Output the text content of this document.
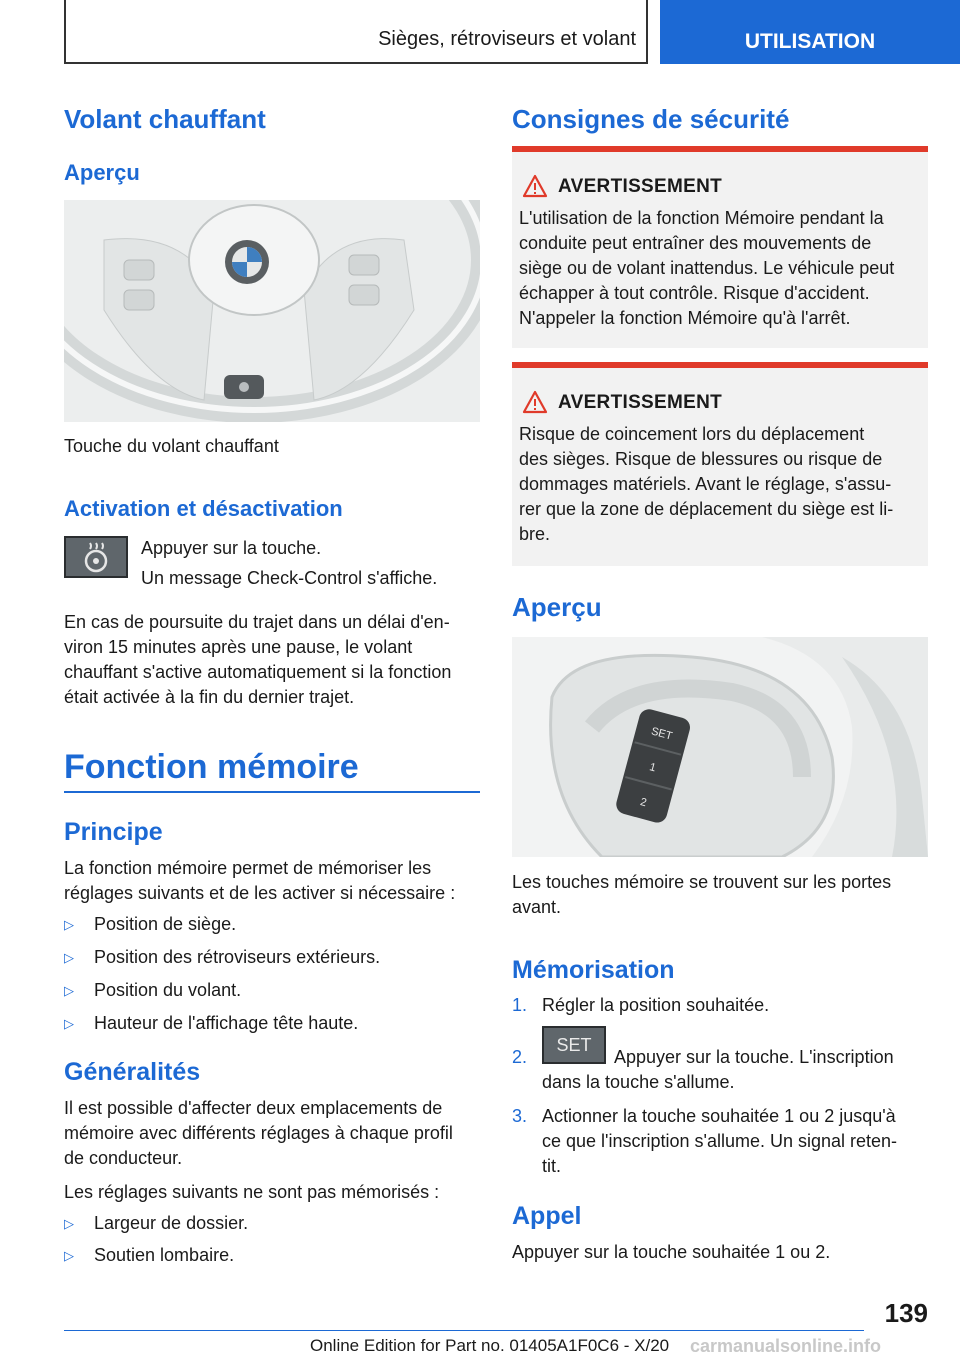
Sièges, rétroviseurs et volant	UTILISATION
Volant chauffant
Aperçu
Touche du volant chauffant
Activation et désactivation
Appuyer sur la touche.
Un message Check-Control s'affiche.
En cas de poursuite du trajet dans un délai d'en-
viron 15 minutes après une pause, le volant
chauffant s'active automatiquement si la fonction
était activée à la fin du dernier trajet.
Fonction mémoire
Principe
La fonction mémoire permet de mémoriser les
réglages suivants et de les activer si nécessaire :
▷ Position de siège.
▷ Position des rétroviseurs extérieurs.
▷ Position du volant.
▷ Hauteur de l'affichage tête haute.
Généralités
Il est possible d'affecter deux emplacements de
mémoire avec différents réglages à chaque profil
de conducteur.
Les réglages suivants ne sont pas mémorisés :
▷ Largeur de dossier.
▷ Soutien lombaire.
Consignes de sécurité
AVERTISSEMENT
L'utilisation de la fonction Mémoire pendant la
conduite peut entraîner des mouvements de
siège ou de volant inattendus. Le véhicule peut
échapper à tout contrôle. Risque d'accident.
N'appeler la fonction Mémoire qu'à l'arrêt.
AVERTISSEMENT
Risque de coincement lors du déplacement
des sièges. Risque de blessures ou risque de
dommages matériels. Avant le réglage, s'assu-
rer que la zone de déplacement du siège est li-
bre.
Aperçu
SET
1
2
Les touches mémoire se trouvent sur les portes
avant.
Mémorisation
1. Régler la position souhaitée.
2.
SET
Appuyer sur la touche. L'inscription
dans la touche s'allume.
3. Actionner la touche souhaitée 1 ou 2 jusqu'à
ce que l'inscription s'allume. Un signal reten-
tit.
Appel
Appuyer sur la touche souhaitée 1 ou 2.
139
Online Edition for Part no. 01405A1F0C6 - X/20 carmanualsonline.info
